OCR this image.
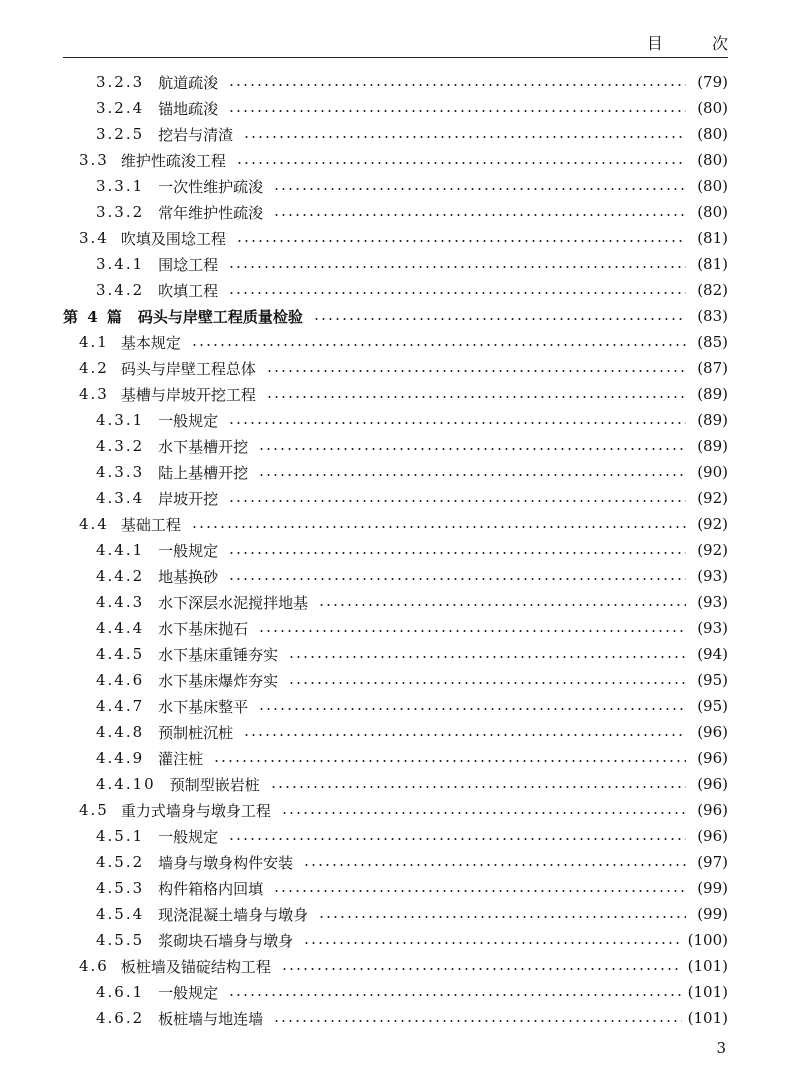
目 次
3.2.3 航道疏浚	(79)
3.2.4 锚地疏浚	(80)
3.2.5 挖岩与清渣	(80)
3.3 维护性疏浚工程	(80)
3.3.1 一次性维护疏浚	(80)
3.3.2 常年维护性疏浚	(80)
3.4 吹填及围埝工程	(81)
3.4.1 围埝工程	(81)
3.4.2 吹填工程	(82)
第 4 篇 码头与岸壁工程质量检验	(83)
4.1 基本规定	(85)
4.2 码头与岸壁工程总体	(87)
4.3 基槽与岸坡开挖工程	(89)
4.3.1 一般规定	(89)
4.3.2 水下基槽开挖	(89)
4.3.3 陆上基槽开挖	(90)
4.3.4 岸坡开挖	(92)
4.4 基础工程	(92)
4.4.1 一般规定	(92)
4.4.2 地基换砂	(93)
4.4.3 水下深层水泥搅拌地基	(93)
4.4.4 水下基床抛石	(93)
4.4.5 水下基床重锤夯实	(94)
4.4.6 水下基床爆炸夯实	(95)
4.4.7 水下基床整平	(95)
4.4.8 预制桩沉桩	(96)
4.4.9 灌注桩	(96)
4.4.10 预制型嵌岩桩	(96)
4.5 重力式墙身与墩身工程	(96)
4.5.1 一般规定	(96)
4.5.2 墙身与墩身构件安装	(97)
4.5.3 构件箱格内回填	(99)
4.5.4 现浇混凝土墙身与墩身	(99)
4.5.5 浆砌块石墙身与墩身	(100)
4.6 板桩墙及锚碇结构工程	(101)
4.6.1 一般规定	(101)
4.6.2 板桩墙与地连墙	(101)
3
